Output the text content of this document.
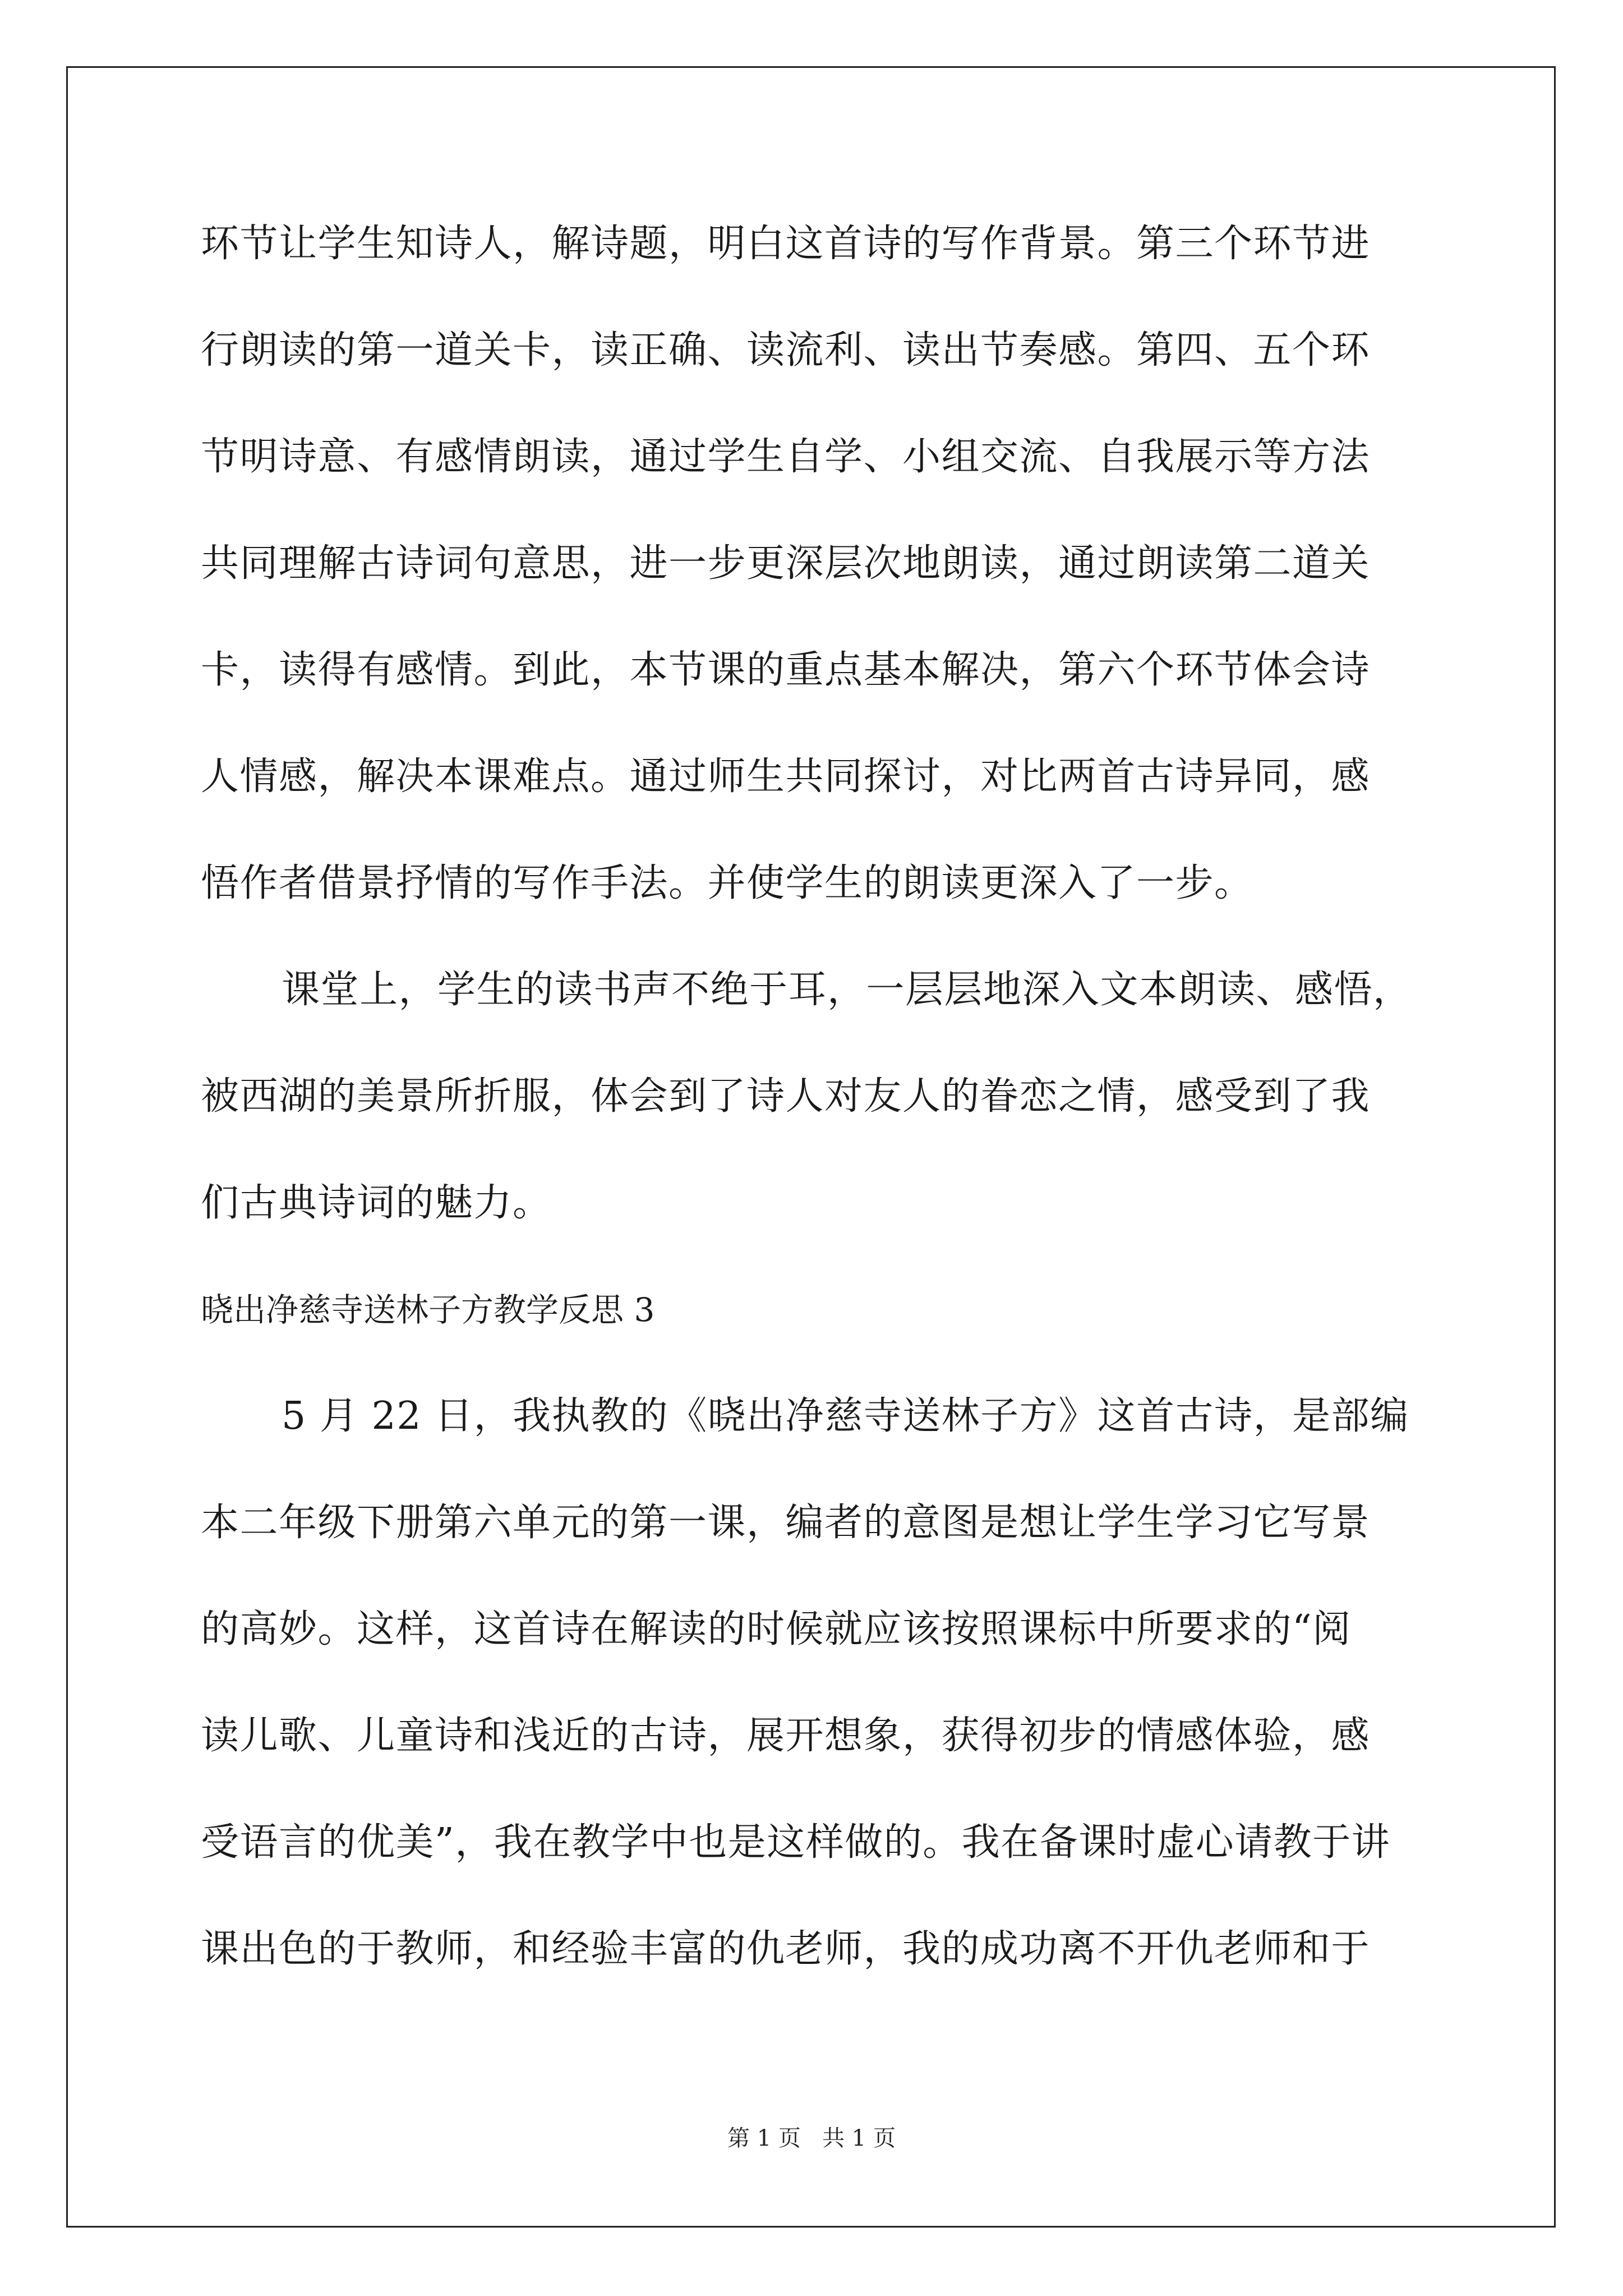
环节让学生知诗人，解诗题，明白这首诗的写作背景。第三个环节进
行朗读的第一道关卡，读正确、读流利、读出节奏感。第四、五个环
节明诗意、有感情朗读，通过学生自学、小组交流、自我展示等方法
共同理解古诗词句意思，进一步更深层次地朗读，通过朗读第二道关
卡，读得有感情。到此，本节课的重点基本解决，第六个环节体会诗
人情感，解决本课难点。通过师生共同探讨，对比两首古诗异同，感
悟作者借景抒情的写作手法。并使学生的朗读更深入了一步。
课堂上，学生的读书声不绝于耳，一层层地深入文本朗读、感悟，
被西湖的美景所折服，体会到了诗人对友人的眷恋之情，感受到了我
们古典诗词的魅力。
晓出净慈寺送林子方教学反思 3
5 月 22 日，我执教的《晓出净慈寺送林子方》这首古诗，是部编
本二年级下册第六单元的第一课，编者的意图是想让学生学习它写景
的高妙。这样，这首诗在解读的时候就应该按照课标中所要求的“阅
读儿歌、儿童诗和浅近的古诗，展开想象，获得初步的情感体验，感
受语言的优美”，我在教学中也是这样做的。我在备课时虚心请教于讲
课出色的于教师，和经验丰富的仇老师，我的成功离不开仇老师和于
第 1 页   共 1 页
